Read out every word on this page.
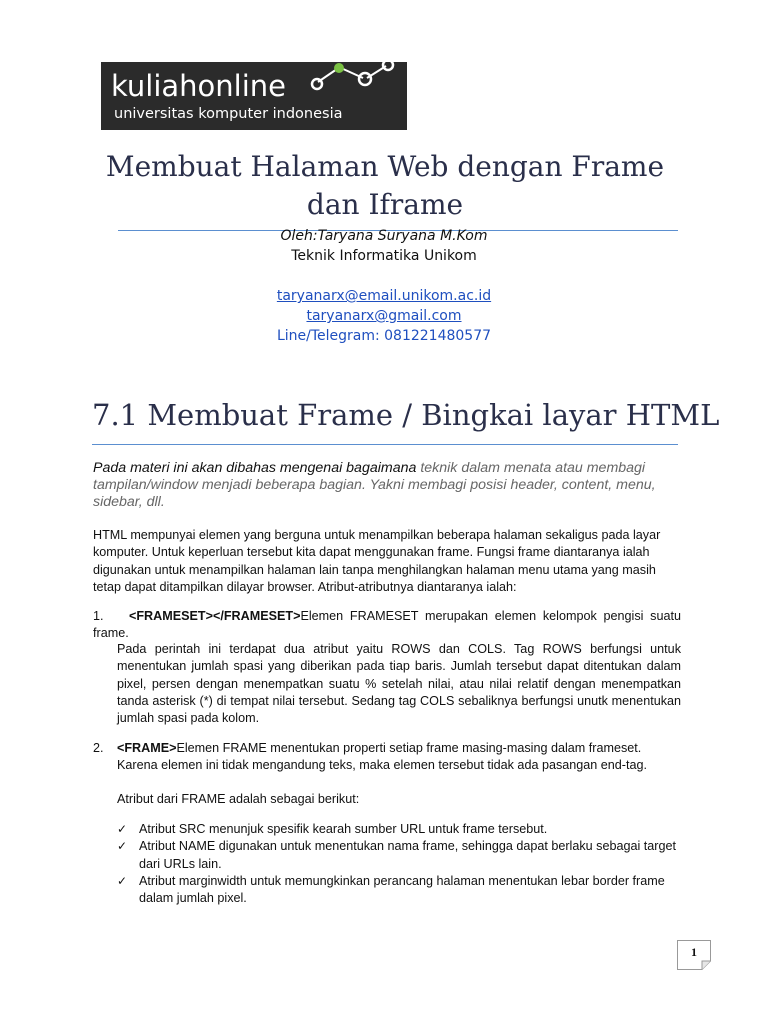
kuliahonline
universitas komputer indonesia
Membuat Halaman Web dengan Frame
dan Iframe
Oleh:Taryana Suryana M.Kom
Teknik Informatika Unikom
taryanarx@email.unikom.ac.id
taryanarx@gmail.com
Line/Telegram: 081221480577
7.1 Membuat Frame / Bingkai layar HTML
Pada materi ini akan dibahas mengenai bagaimana teknik dalam menata atau membagi tampilan/window menjadi beberapa bagian. Yakni membagi posisi header, content, menu, sidebar, dll.
HTML mempunyai elemen yang berguna untuk menampilkan beberapa halaman sekaligus pada layar komputer. Untuk keperluan tersebut kita dapat menggunakan frame. Fungsi frame diantaranya ialah digunakan untuk menampilkan halaman lain tanpa menghilangkan halaman menu utama yang masih tetap dapat ditampilkan dilayar browser. Atribut-atributnya diantaranya ialah:
1. <FRAMESET></FRAMESET>Elemen FRAMESET merupakan elemen kelompok pengisi suatu frame.
Pada perintah ini terdapat dua atribut yaitu ROWS dan COLS. Tag ROWS berfungsi untuk menentukan jumlah spasi yang diberikan pada tiap baris. Jumlah tersebut dapat ditentukan dalam pixel, persen dengan menempatkan suatu % setelah nilai, atau nilai relatif dengan menempatkan tanda asterisk (*) di tempat nilai tersebut. Sedang tag COLS sebaliknya berfungsi unutk menentukan jumlah spasi pada kolom.
2. <FRAME>Elemen FRAME menentukan properti setiap frame masing-masing dalam frameset.
Karena elemen ini tidak mengandung teks, maka elemen tersebut tidak ada pasangan end-tag.
Atribut dari FRAME adalah sebagai berikut:
✓ Atribut SRC menunjuk spesifik kearah sumber URL untuk frame tersebut.
✓ Atribut NAME digunakan untuk menentukan nama frame, sehingga dapat berlaku sebagai target dari URLs lain.
✓ Atribut marginwidth untuk memungkinkan perancang halaman menentukan lebar border frame dalam jumlah pixel.
1
